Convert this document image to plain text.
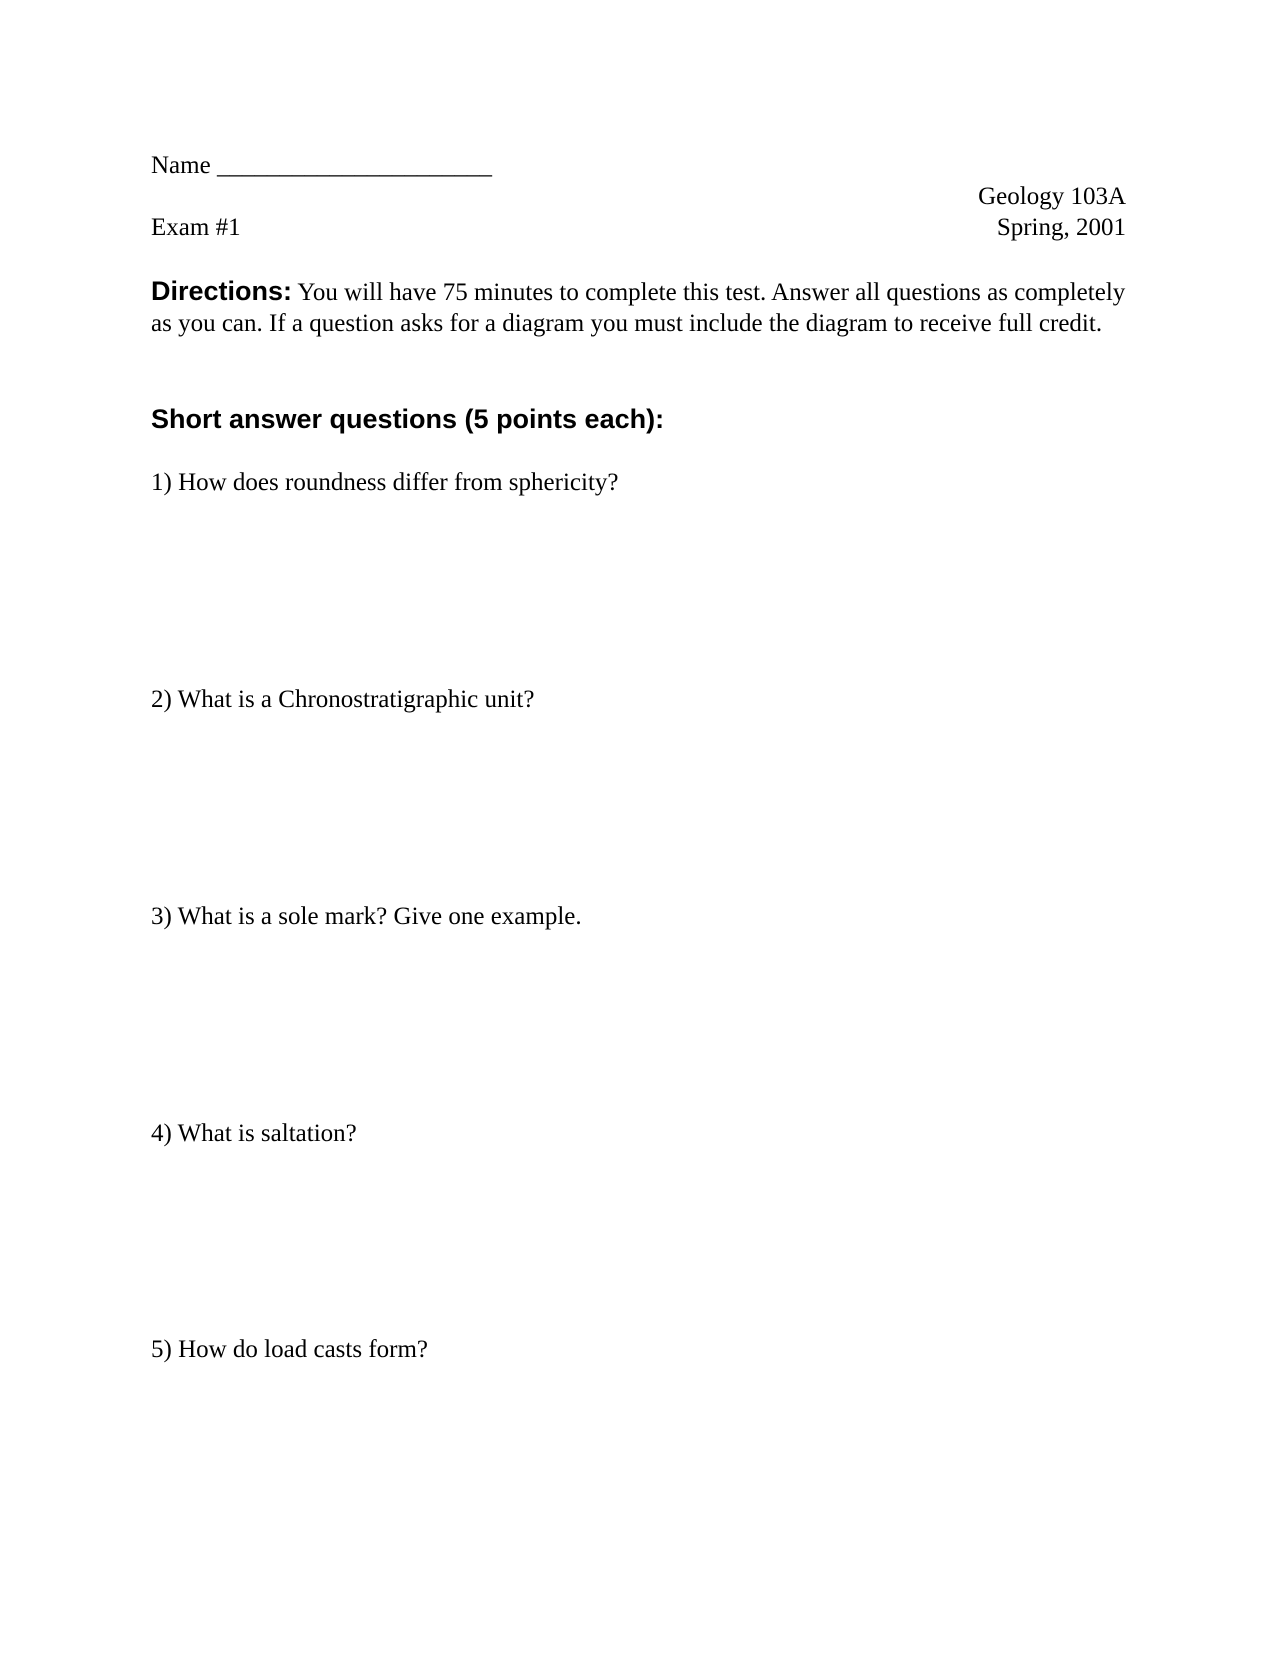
Name ______________________
Geology 103A
Spring, 2001
Exam #1
Directions: You will have 75 minutes to complete this test. Answer all questions as completely as you can. If a question asks for a diagram you must include the diagram to receive full credit.
Short answer questions (5 points each):
1) How does roundness differ from sphericity?
2) What is a Chronostratigraphic unit?
3) What is a sole mark? Give one example.
4) What is saltation?
5) How do load casts form?
